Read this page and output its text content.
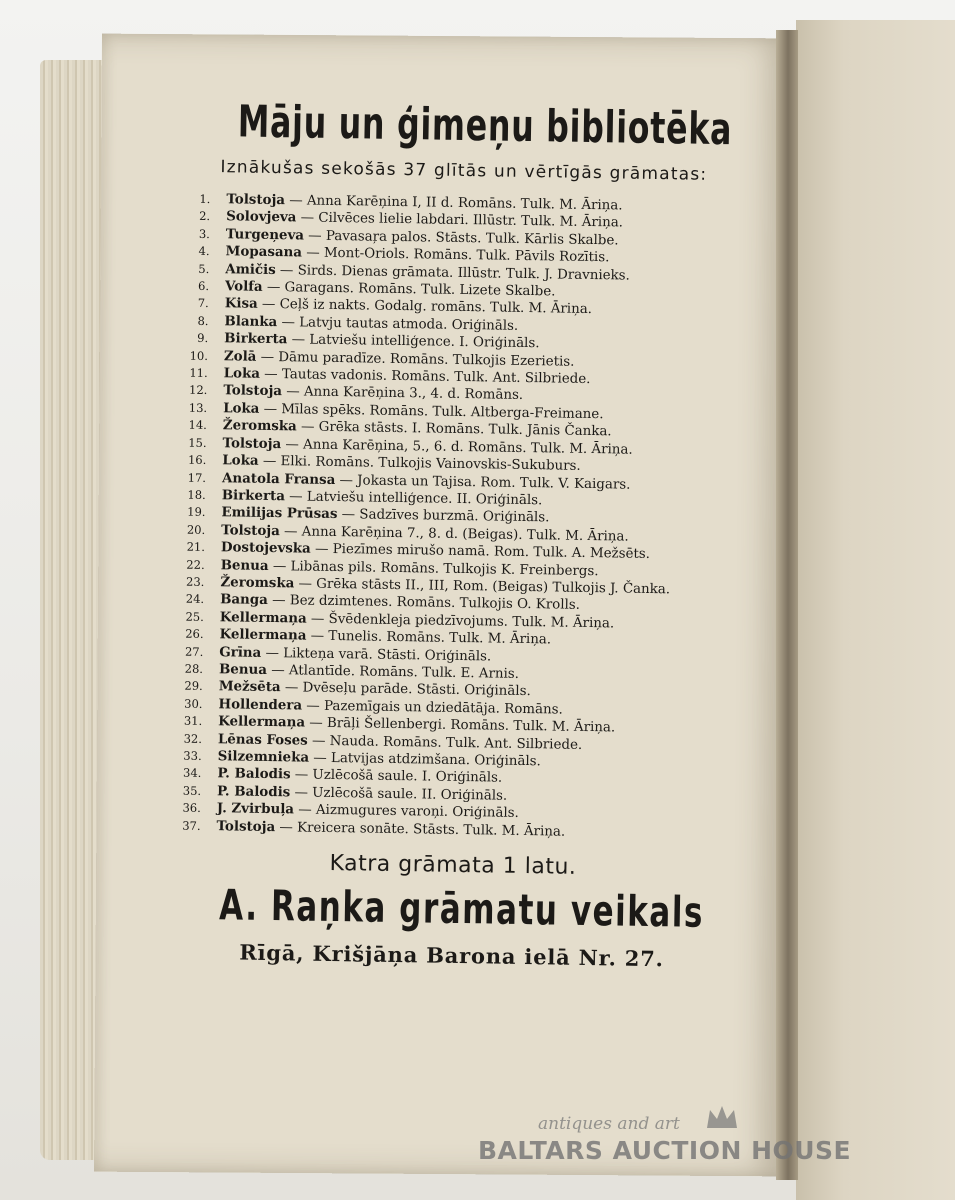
Māju un ģimeņu bibliotēka
Iznākušas sekošās 37 glītās un vērtīgās grāmatas:
1. Tolstoja — Anna Karēņina I, II d. Romāns. Tulk. M. Āriņa.
2. Solovjeva — Cilvēces lielie labdari. Illūstr. Tulk. M. Āriņa.
3. Turgeņeva — Pavasaŗa palos. Stāsts. Tulk. Kārlis Skalbe.
4. Mopasana — Mont-Oriols. Romāns. Tulk. Pāvils Rozītis.
5. Amičis — Sirds. Dienas grāmata. Illūstr. Tulk. J. Dravnieks.
6. Volfa — Garagans. Romāns. Tulk. Lizete Skalbe.
7. Kisa — Ceļš iz nakts. Godalg. romāns. Tulk. M. Āriņa.
8. Blanka — Latvju tautas atmoda. Oriģināls.
9. Birkerta — Latviešu intelliģence. I. Oriģināls.
10. Zolā — Dāmu paradīze. Romāns. Tulkojis Ezerietis.
11. Loka — Tautas vadonis. Romāns. Tulk. Ant. Silbriede.
12. Tolstoja — Anna Karēņina 3., 4. d. Romāns.
13. Loka — Mīlas spēks. Romāns. Tulk. Altberga-Freimane.
14. Žeromska — Grēka stāsts. I. Romāns. Tulk. Jānis Čanka.
15. Tolstoja — Anna Karēņina, 5., 6. d. Romāns. Tulk. M. Āriņa.
16. Loka — Elki. Romāns. Tulkojis Vainovskis-Sukuburs.
17. Anatola Fransa — Jokasta un Tajisa. Rom. Tulk. V. Kaigars.
18. Birkerta — Latviešu intelliģence. II. Oriģināls.
19. Emilijas Prūsas — Sadzīves burzmā. Oriģināls.
20. Tolstoja — Anna Karēņina 7., 8. d. (Beigas). Tulk. M. Āriņa.
21. Dostojevska — Piezīmes mirušo namā. Rom. Tulk. A. Mežsēts.
22. Benua — Libānas pils. Romāns. Tulkojis K. Freinbergs.
23. Žeromska — Grēka stāsts II., III, Rom. (Beigas) Tulkojis J. Čanka.
24. Banga — Bez dzimtenes. Romāns. Tulkojis O. Krolls.
25. Kellermaņa — Švēdenkleja piedzīvojums. Tulk. M. Āriņa.
26. Kellermaņa — Tunelis. Romāns. Tulk. M. Āriņa.
27. Grīna — Likteņa varā. Stāsti. Oriģināls.
28. Benua — Atlantīde. Romāns. Tulk. E. Arnis.
29. Mežsēta — Dvēseļu parāde. Stāsti. Oriģināls.
30. Hollendera — Pazemīgais un dziedātāja. Romāns.
31. Kellermaņa — Brāļi Šellenbergi. Romāns. Tulk. M. Āriņa.
32. Lēnas Foses — Nauda. Romāns. Tulk. Ant. Silbriede.
33. Silzemnieka — Latvijas atdzimšana. Oriģināls.
34. P. Balodis — Uzlēcošā saule. I. Oriģināls.
35. P. Balodis — Uzlēcošā saule. II. Oriģināls.
36. J. Zvirbuļa — Aizmugures varoņi. Oriģināls.
37. Tolstoja — Kreicera sonāte. Stāsts. Tulk. M. Āriņa.
Katra grāmata 1 latu.
A. Raņka grāmatu veikals
Rīgā, Krišjāņa Barona ielā Nr. 27.
antiques and art
BALTARS AUCTION HOUSE
